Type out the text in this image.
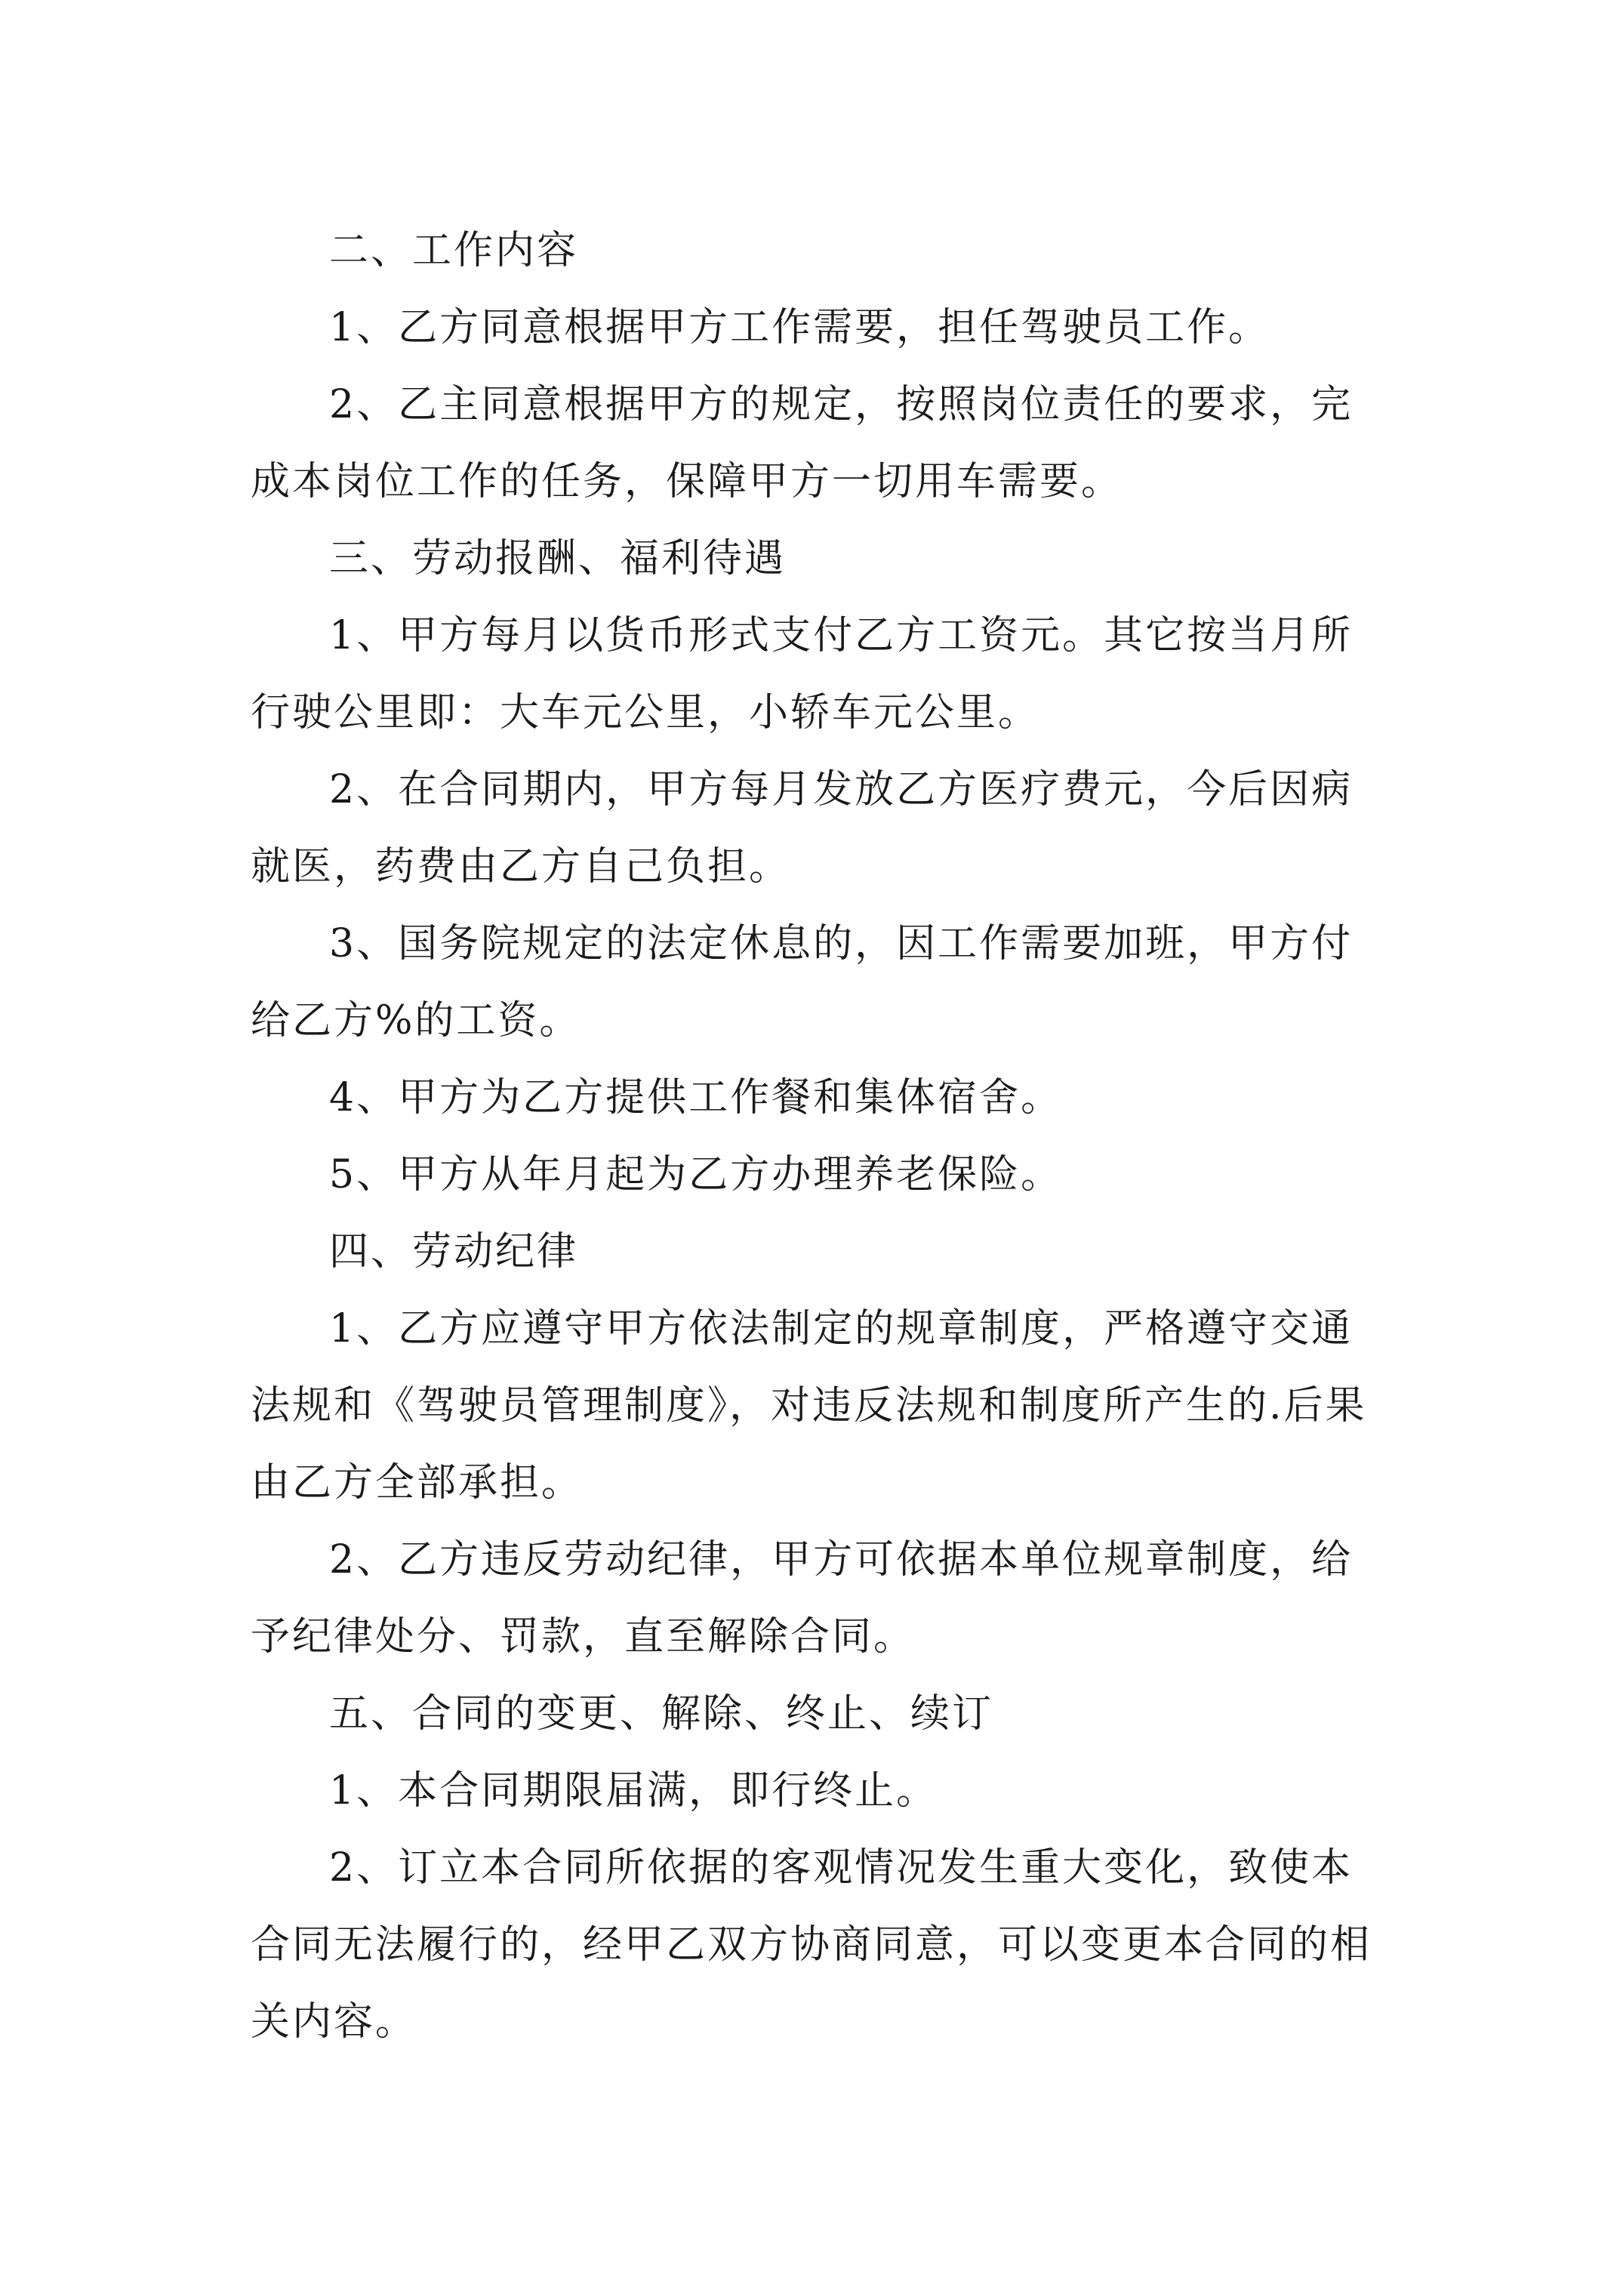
二、工作内容

1、乙方同意根据甲方工作需要，担任驾驶员工作。

2、乙主同意根据甲方的规定，按照岗位责任的要求，完成本岗位工作的任务，保障甲方一切用车需要。

三、劳动报酬、福利待遇

1、甲方每月以货币形式支付乙方工资元。其它按当月所行驶公里即：大车元公里，小轿车元公里。

2、在合同期内，甲方每月发放乙方医疗费元，今后因病就医，药费由乙方自己负担。

3、国务院规定的法定休息的，因工作需要加班，甲方付给乙方%的工资。

4、甲方为乙方提供工作餐和集体宿舍。

5、甲方从年月起为乙方办理养老保险。

四、劳动纪律

1、乙方应遵守甲方依法制定的规章制度，严格遵守交通法规和《驾驶员管理制度》，对违反法规和制度所产生的.后果由乙方全部承担。

2、乙方违反劳动纪律，甲方可依据本单位规章制度，给予纪律处分、罚款，直至解除合同。

五、合同的变更、解除、终止、续订

1、本合同期限届满，即行终止。

2、订立本合同所依据的客观情况发生重大变化，致使本合同无法履行的，经甲乙双方协商同意，可以变更本合同的相关内容。
